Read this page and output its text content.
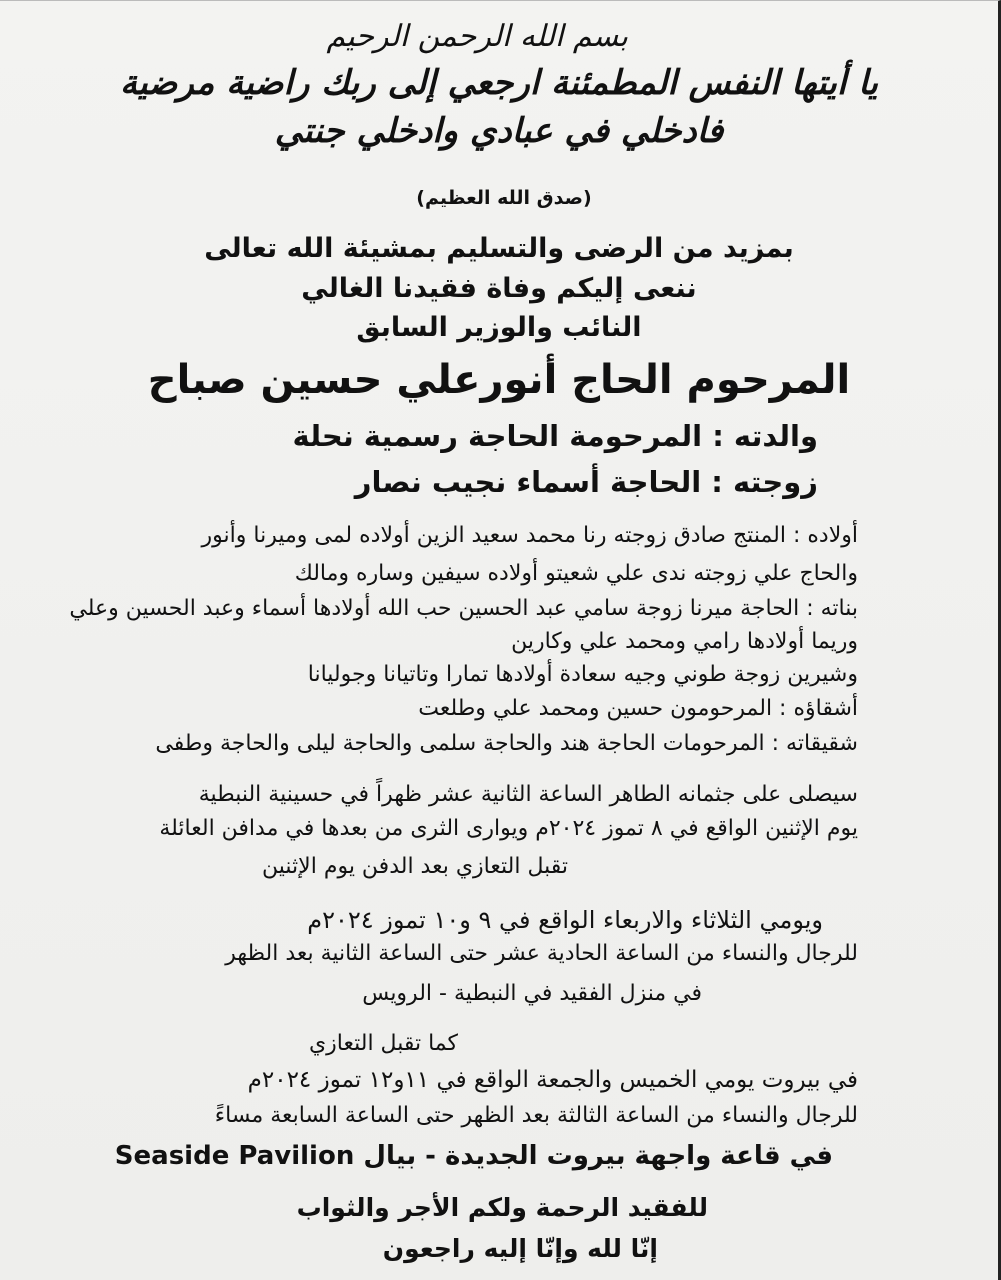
بسم الله الرحمن الرحيم
يا أيتها النفس المطمئنة ارجعي إلى ربك راضية مرضية
فادخلي في عبادي وادخلي جنتي
(صدق الله العظيم)
بمزيد من الرضى والتسليم بمشيئة الله تعالى
ننعى إليكم وفاة فقيدنا الغالي
النائب والوزير السابق
المرحوم الحاج أنورعلي حسين صباح
والدته : المرحومة الحاجة رسمية نحلة
زوجته : الحاجة أسماء نجيب نصار
أولاده : المنتج صادق زوجته رنا محمد سعيد الزين أولاده لمى وميرنا وأنور
والحاج علي زوجته ندى علي شعيتو أولاده سيفين وساره ومالك
بناته : الحاجة ميرنا زوجة سامي عبد الحسين حب الله أولادها أسماء وعبد الحسين وعلي
وريما أولادها رامي ومحمد علي وكارين
وشيرين زوجة طوني وجيه سعادة أولادها تمارا وتاتيانا وجوليانا
أشقاؤه : المرحومون حسين ومحمد علي وطلعت
شقيقاته : المرحومات الحاجة هند والحاجة سلمى والحاجة ليلى والحاجة وطفى
سيصلى على جثمانه الطاهر الساعة الثانية عشر ظهراً في حسينية النبطية
يوم الإثنين الواقع في ٨ تموز ٢٠٢٤م ويوارى الثرى من بعدها في مدافن العائلة
تقبل التعازي بعد الدفن يوم الإثنين
ويومي الثلاثاء والاربعاء الواقع في ٩ و١٠ تموز ٢٠٢٤م
للرجال والنساء من الساعة الحادية عشر حتى الساعة الثانية بعد الظهر
في منزل الفقيد في النبطية - الرويس
كما تقبل التعازي
في بيروت يومي الخميس والجمعة الواقع في ١١و١٢ تموز ٢٠٢٤م
للرجال والنساء من الساعة الثالثة بعد الظهر حتى الساعة السابعة مساءً
في قاعة واجهة بيروت الجديدة - بيال Seaside Pavilion
للفقيد الرحمة ولكم الأجر والثواب
إنّا لله وإنّا إليه راجعون
